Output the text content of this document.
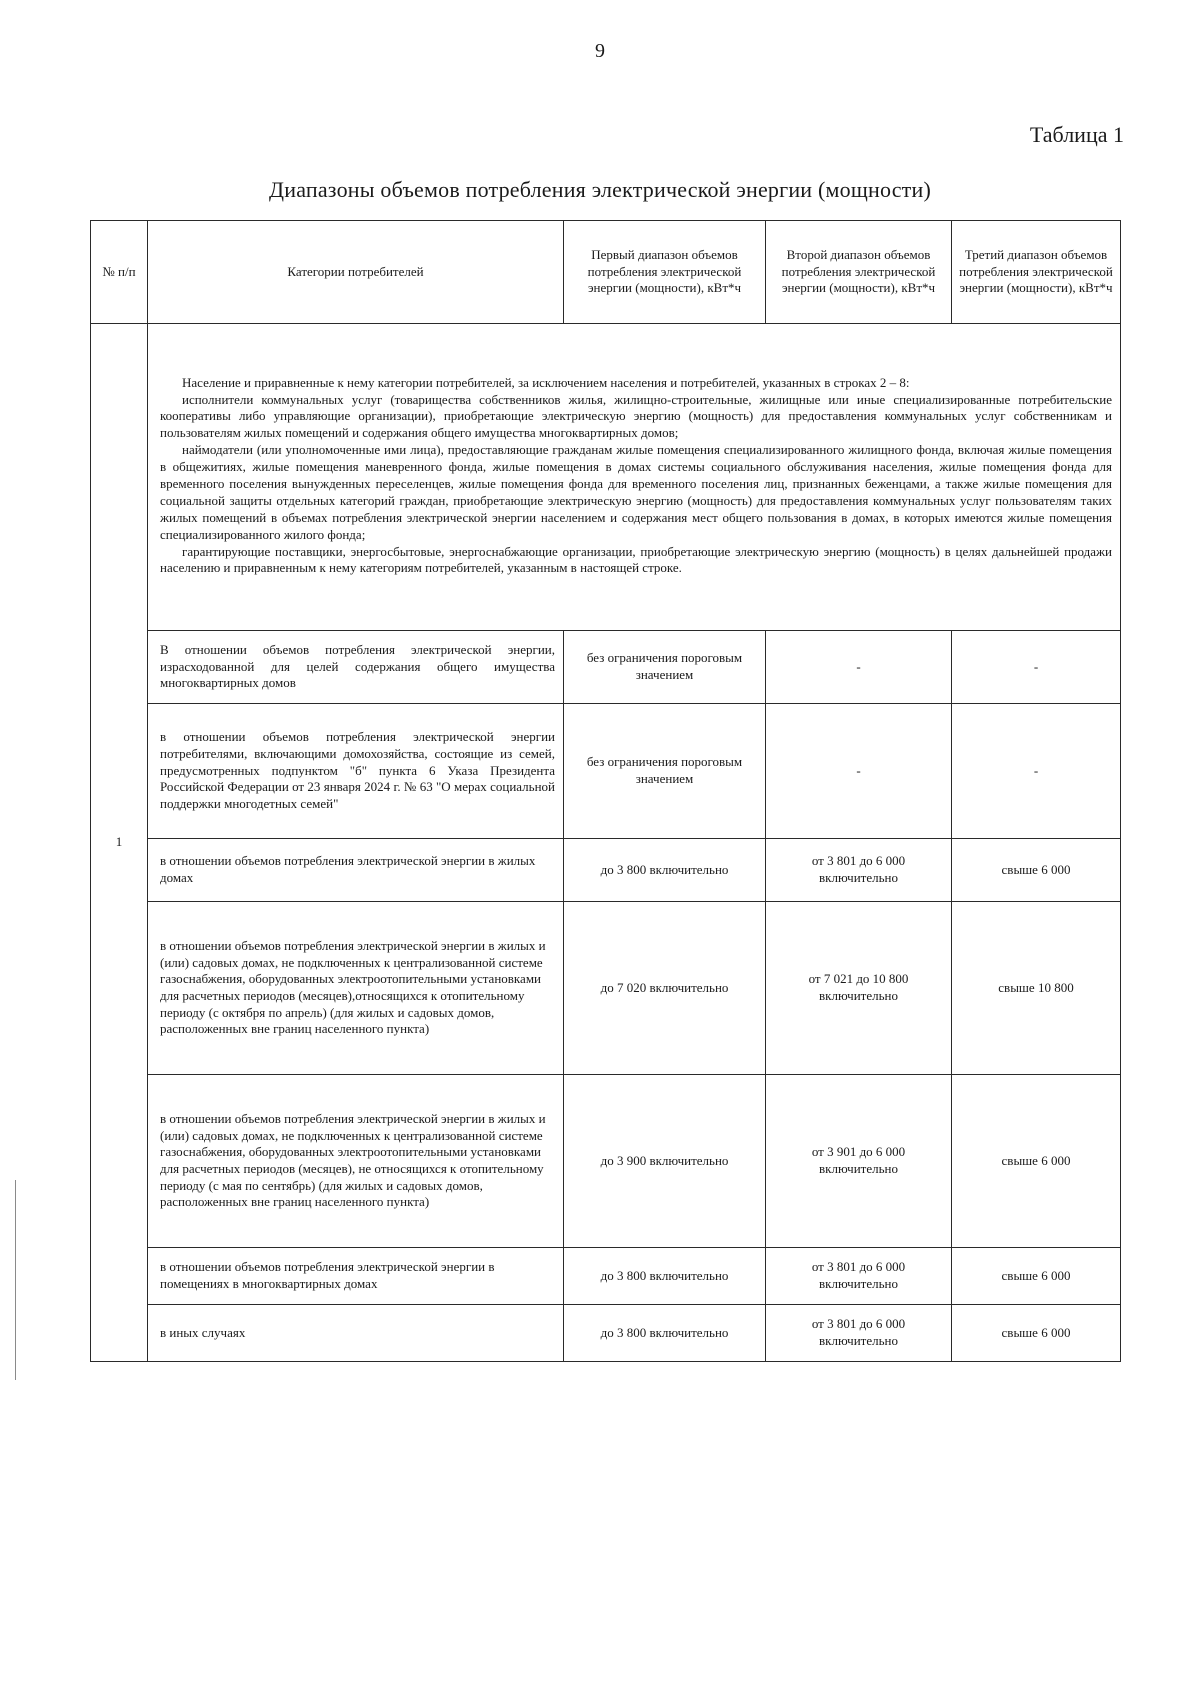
9
Таблица 1
Диапазоны объемов потребления электрической энергии (мощности)
№ п/п	Категории потребителей	Первый диапазон объемов потребления электрической энергии (мощности), кВт*ч	Второй диапазон объемов потребления электрической энергии (мощности), кВт*ч	Третий диапазон объемов потребления электрической энергии (мощности), кВт*ч
1	Население и приравненные к нему категории потребителей, за исключением населения и потребителей, указанных в строках 2 – 8:

исполнители коммунальных услуг (товарищества собственников жилья, жилищно-строительные, жилищные или иные специализированные потребительские кооперативы либо управляющие организации), приобретающие электрическую энергию (мощность) для предоставления коммунальных услуг собственникам и пользователям жилых помещений и содержания общего имущества многоквартирных домов;

наймодатели (или уполномоченные ими лица), предоставляющие гражданам жилые помещения специализированного жилищного фонда, включая жилые помещения в общежитиях, жилые помещения маневренного фонда, жилые помещения в домах системы социального обслуживания населения, жилые помещения фонда для временного поселения вынужденных переселенцев, жилые помещения фонда для временного поселения лиц, признанных беженцами, а также жилые помещения для социальной защиты отдельных категорий граждан, приобретающие электрическую энергию (мощность) для предоставления коммунальных услуг пользователям таких жилых помещений в объемах потребления электрической энергии населением и содержания мест общего пользования в домах, в которых имеются жилые помещения специализированного жилого фонда;

гарантирующие поставщики, энергосбытовые, энергоснабжающие организации, приобретающие электрическую энергию (мощность) в целях дальнейшей продажи населению и приравненным к нему категориям потребителей, указанным в настоящей строке.			

	В отношении объемов потребления электрической энергии, израсходованной для целей содержания общего имущества многоквартирных домов	без ограничения пороговым значением	-	-
	в отношении объемов потребления электрической энергии потребителями, включающими домохозяйства, состоящие из семей, предусмотренных подпунктом "б" пункта 6 Указа Президента Российской Федерации от 23 января 2024 г. № 63 "О мерах социальной поддержки многодетных семей"	без ограничения пороговым значением	-	-
	в отношении объемов потребления электрической энергии в жилых домах	до 3 800 включительно	от 3 801 до 6 000 включительно	свыше 6 000
	в отношении объемов потребления электрической энергии в жилых и (или) садовых домах, не подключенных к централизованной системе газоснабжения, оборудованных электроотопительными установками для расчетных периодов (месяцев),относящихся к отопительному периоду (с октября по апрель) (для жилых и садовых домов, расположенных вне границ населенного пункта)	до 7 020 включительно	от 7 021 до 10 800 включительно	свыше 10 800
	в отношении объемов потребления электрической энергии в жилых и (или) садовых домах, не подключенных к централизованной системе газоснабжения, оборудованных электроотопительными установками для расчетных периодов (месяцев), не относящихся к отопительному периоду (с мая по сентябрь) (для жилых и садовых домов, расположенных вне границ населенного пункта)	до 3 900 включительно	от 3 901 до 6 000 включительно	свыше 6 000
	в отношении объемов потребления электрической энергии в помещениях в многоквартирных домах	до 3 800 включительно	от 3 801 до 6 000 включительно	свыше 6 000
	в иных случаях	до 3 800 включительно	от 3 801 до 6 000 включительно	свыше 6 000
